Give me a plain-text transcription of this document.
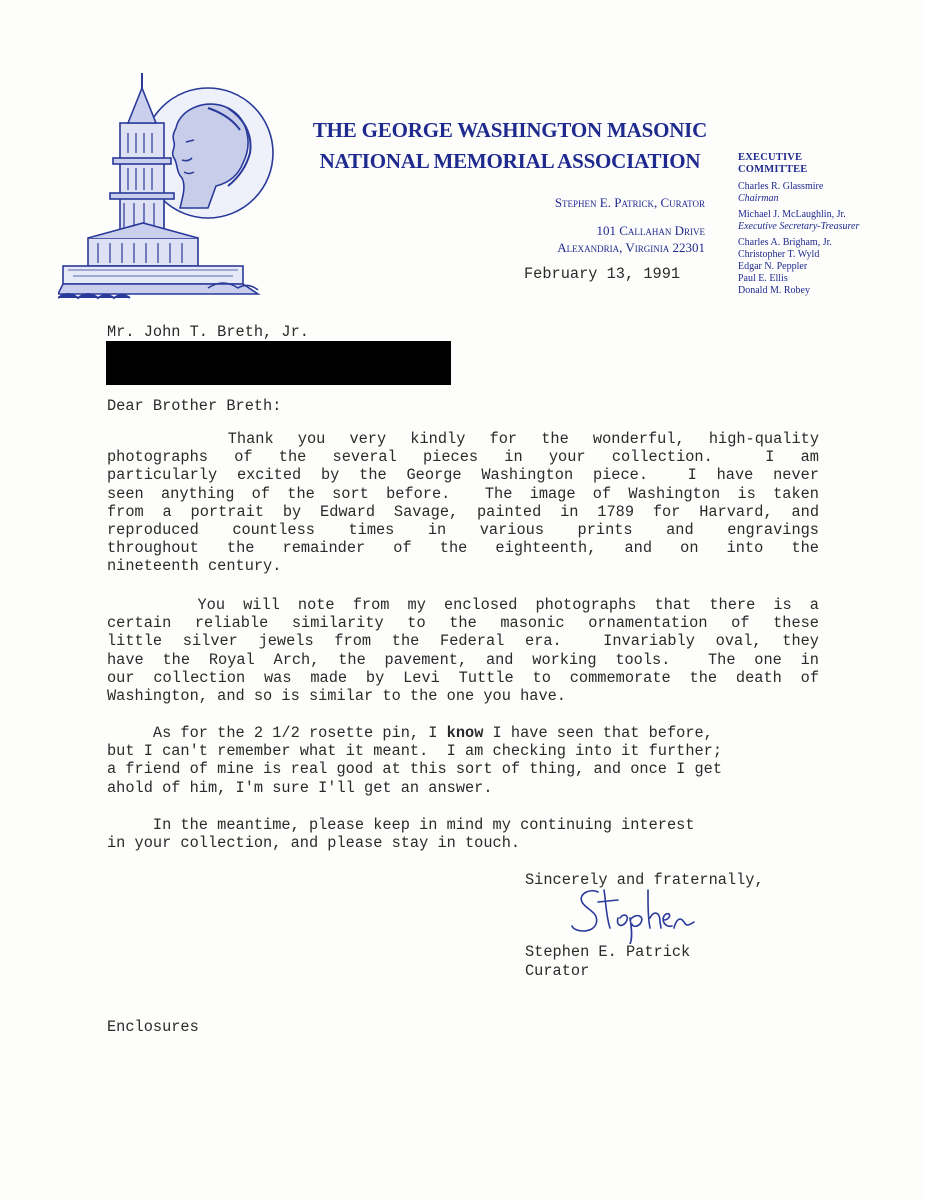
THE GEORGE WASHINGTON MASONIC
NATIONAL MEMORIAL ASSOCIATION
Stephen E. Patrick, Curator
101 Callahan Drive
Alexandria, Virginia 22301
EXECUTIVE
COMMITTEE
Charles R. Glassmire
Chairman
Michael J. McLaughlin, Jr.
Executive Secretary-Treasurer
Charles A. Brigham, Jr.
Christopher T. Wyld
Edgar N. Peppler
Paul E. Ellis
Donald M. Robey
February 13, 1991
Mr. John T. Breth, Jr.
Dear Brother Breth:
Thank you very kindly for the wonderful, high-quality
photographs of the several pieces in your collection.  I am
particularly excited by the George Washington piece.  I have never
seen anything of the sort before.  The image of Washington is taken
from a portrait by Edward Savage, painted in 1789 for Harvard, and
reproduced countless times in various prints and engravings
throughout the remainder of the eighteenth, and on into the
nineteenth century.
You will note from my enclosed photographs that there is a
certain reliable similarity to the masonic ornamentation of these
little silver jewels from the Federal era.  Invariably oval, they
have the Royal Arch, the pavement, and working tools.  The one in
our collection was made by Levi Tuttle to commemorate the death of
Washington, and so is similar to the one you have.
As for the 2 1/2 rosette pin, I know I have seen that before,
but I can't remember what it meant.  I am checking into it further;
a friend of mine is real good at this sort of thing, and once I get
ahold of him, I'm sure I'll get an answer.
In the meantime, please keep in mind my continuing interest
in your collection, and please stay in touch.
Sincerely and fraternally,
Stephen E. Patrick
Curator
Enclosures
